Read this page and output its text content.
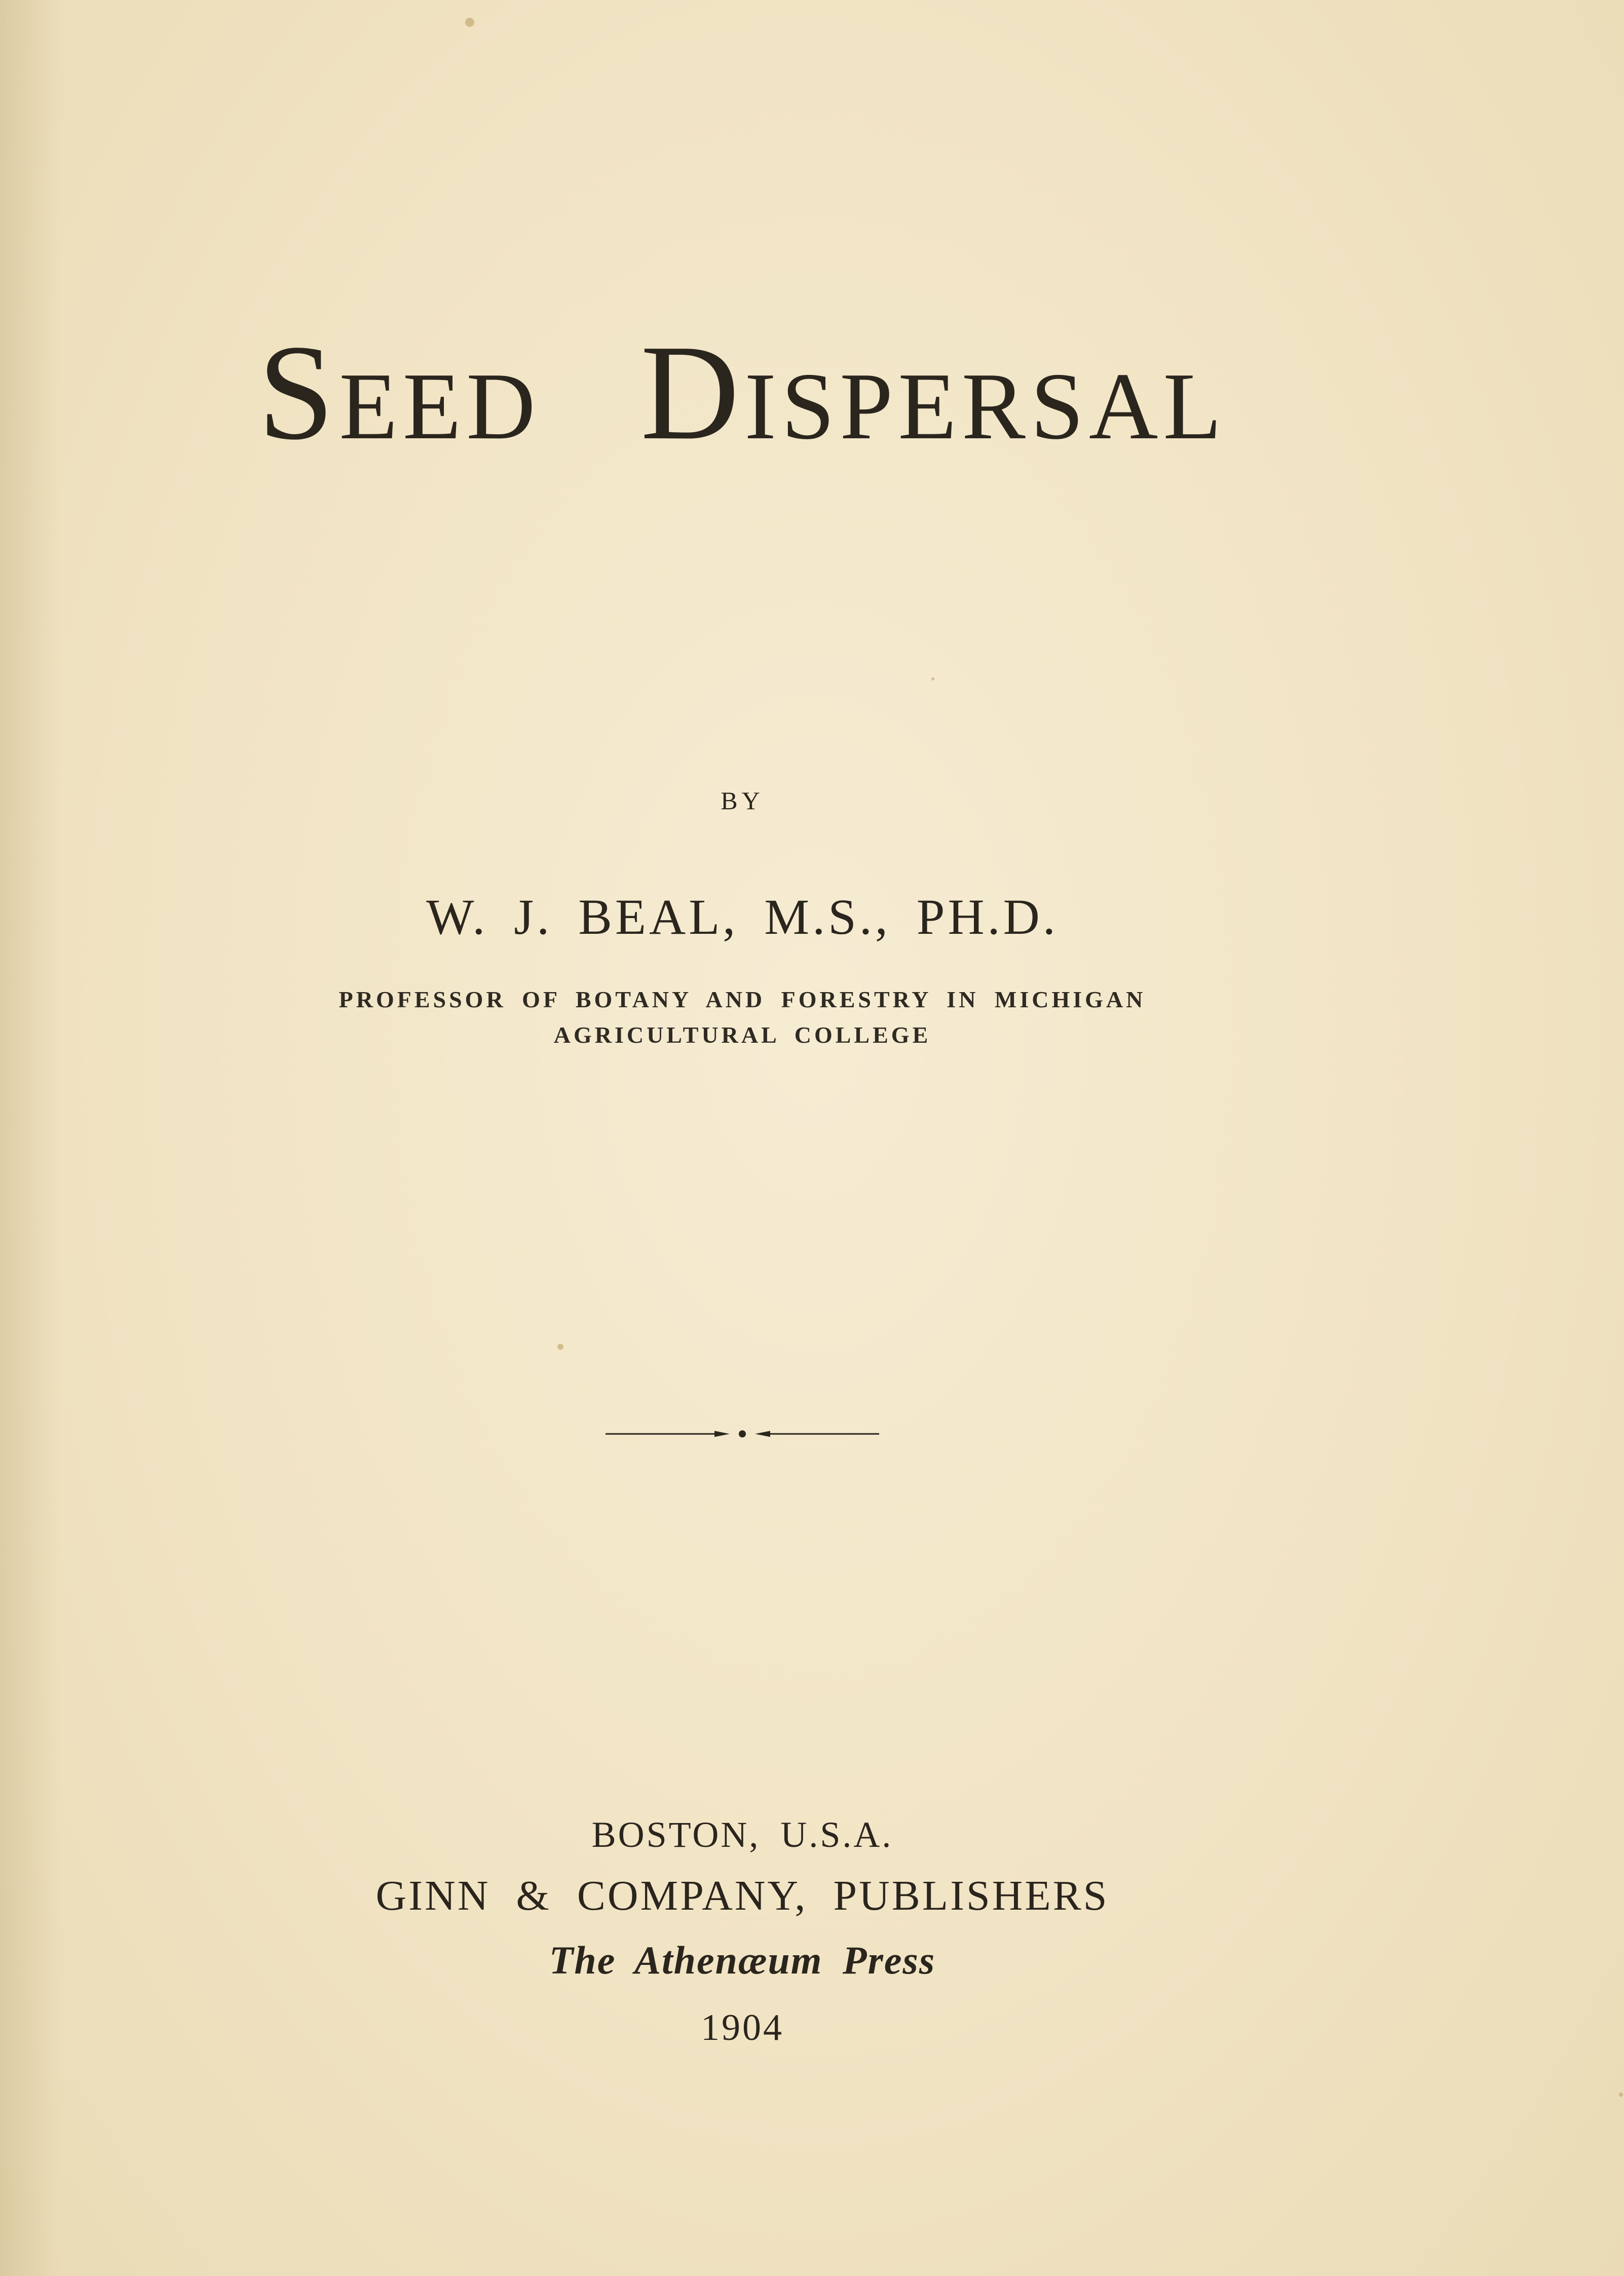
Seed Dispersal
BY
W. J. BEAL, M.S., PH.D.
PROFESSOR OF BOTANY AND FORESTRY IN MICHIGAN
AGRICULTURAL COLLEGE
BOSTON, U.S.A.
GINN & COMPANY, PUBLISHERS
The Athenæum Press
1904
